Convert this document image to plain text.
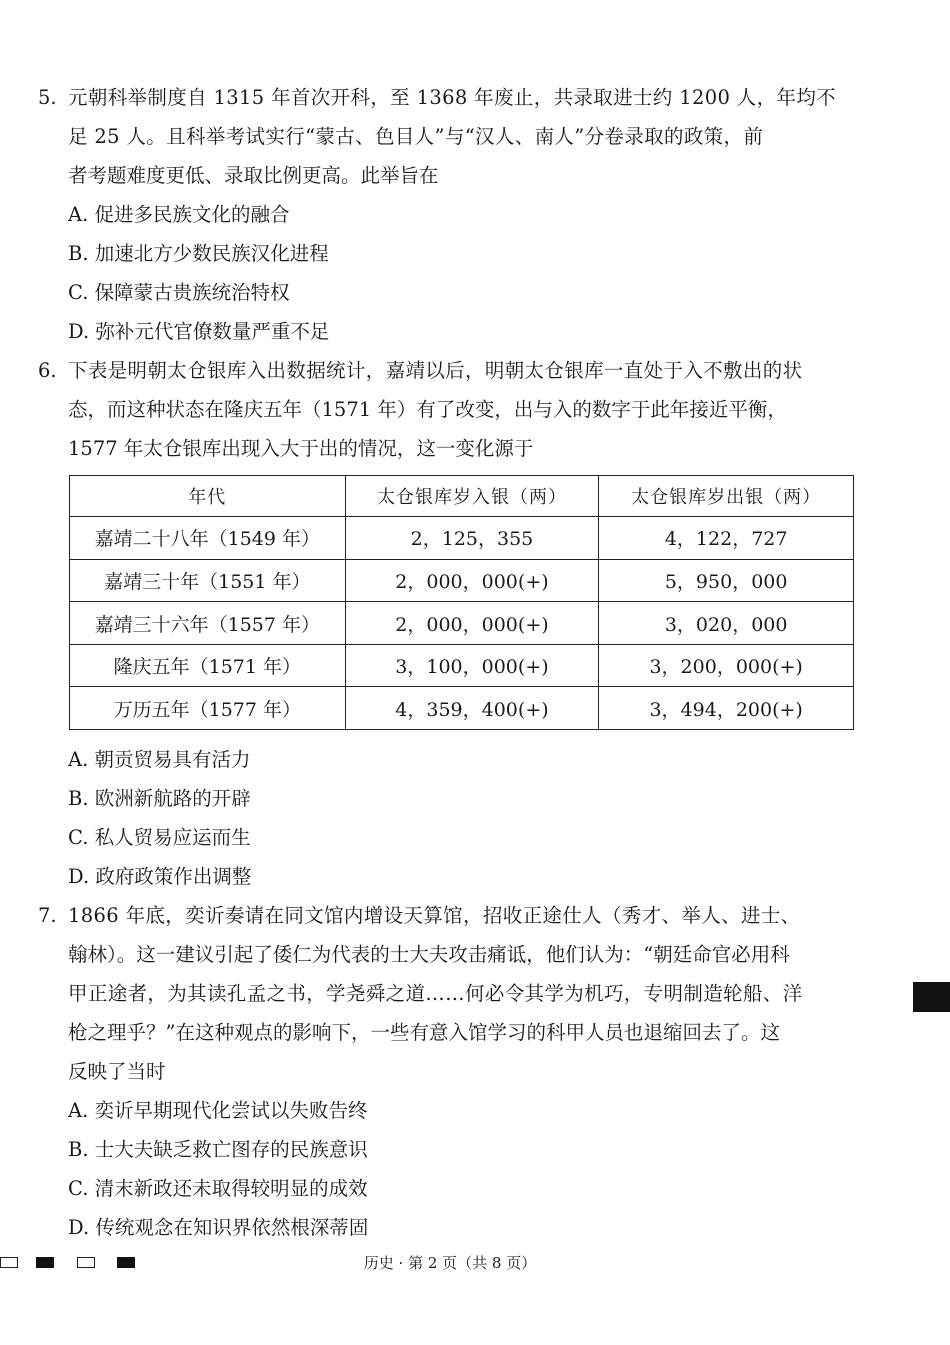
5. 元朝科举制度自 1315 年首次开科，至 1368 年废止，共录取进士约 1200 人，年均不
足 25 人。且科举考试实行“蒙古、色目人”与“汉人、南人”分卷录取的政策，前
者考题难度更低、录取比例更高。此举旨在
A. 促进多民族文化的融合
B. 加速北方少数民族汉化进程
C. 保障蒙古贵族统治特权
D. 弥补元代官僚数量严重不足
6. 下表是明朝太仓银库入出数据统计，嘉靖以后，明朝太仓银库一直处于入不敷出的状
态，而这种状态在隆庆五年（1571 年）有了改变，出与入的数字于此年接近平衡，
1577 年太仓银库出现入大于出的情况，这一变化源于
年代	太仓银库岁入银（两）	太仓银库岁出银（两）
嘉靖二十八年（1549 年）	2，125，355	4，122，727
嘉靖三十年（1551 年）	2，000，000(+)	5，950，000
嘉靖三十六年（1557 年）	2，000，000(+)	3，020，000
隆庆五年（1571 年）	3，100，000(+)	3，200，000(+)
万历五年（1577 年）	4，359，400(+)	3，494，200(+)
A. 朝贡贸易具有活力
B. 欧洲新航路的开辟
C. 私人贸易应运而生
D. 政府政策作出调整
7. 1866 年底，奕䜣奏请在同文馆内增设天算馆，招收正途仕人（秀才、举人、进士、
翰林）。这一建议引起了倭仁为代表的士大夫攻击痛诋，他们认为：“朝廷命官必用科
甲正途者，为其读孔孟之书，学尧舜之道……何必令其学为机巧，专明制造轮船、洋
枪之理乎？”在这种观点的影响下，一些有意入馆学习的科甲人员也退缩回去了。这
反映了当时
A. 奕䜣早期现代化尝试以失败告终
B. 士大夫缺乏救亡图存的民族意识
C. 清末新政还未取得较明显的成效
D. 传统观念在知识界依然根深蒂固
历史 · 第 2 页（共 8 页）
